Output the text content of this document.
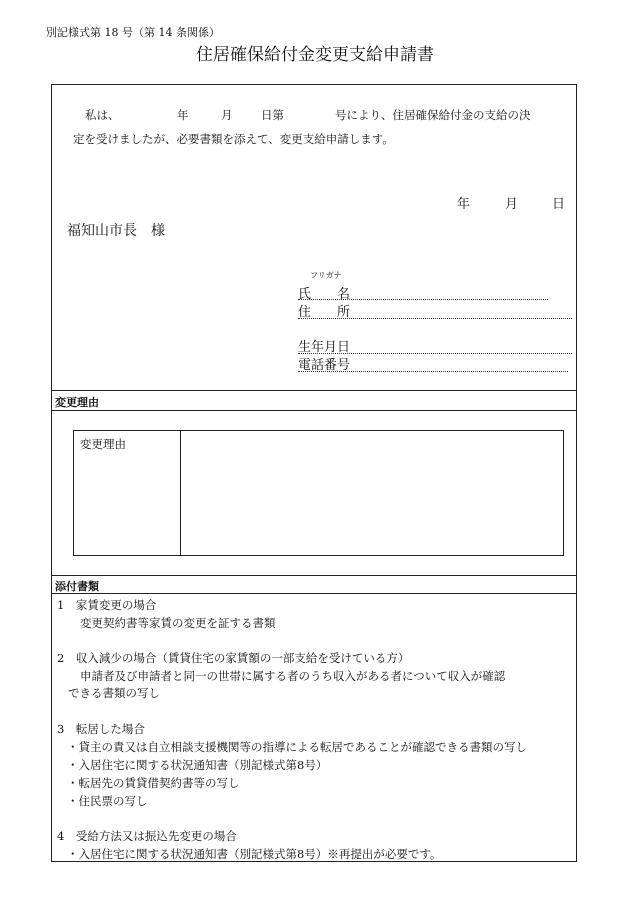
別記様式第 18 号（第 14 条関係）
住居確保給付金変更支給申請書
私は、	年	月 日第	号により、住居確保給付金の支給の決
定を受けましたが、必要書類を添えて、変更支給申請します。
年	月	日
福知山市長　様
フリガナ
氏　　名
住　　所
生年月日
電話番号
変更理由
変更理由
添付書類
1　家賃変更の場合
変更契約書等家賃の変更を証する書類
2　収入減少の場合（賃貸住宅の家賃額の一部支給を受けている方）
申請者及び申請者と同一の世帯に属する者のうち収入がある者について収入が確認
できる書類の写し
3　転居した場合
・貸主の責又は自立相談支援機関等の指導による転居であることが確認できる書類の写し
・入居住宅に関する状況通知書（別記様式第8号）
・転居先の賃貸借契約書等の写し
・住民票の写し
4　受給方法又は振込先変更の場合
・入居住宅に関する状況通知書（別記様式第8号）※再提出が必要です。
